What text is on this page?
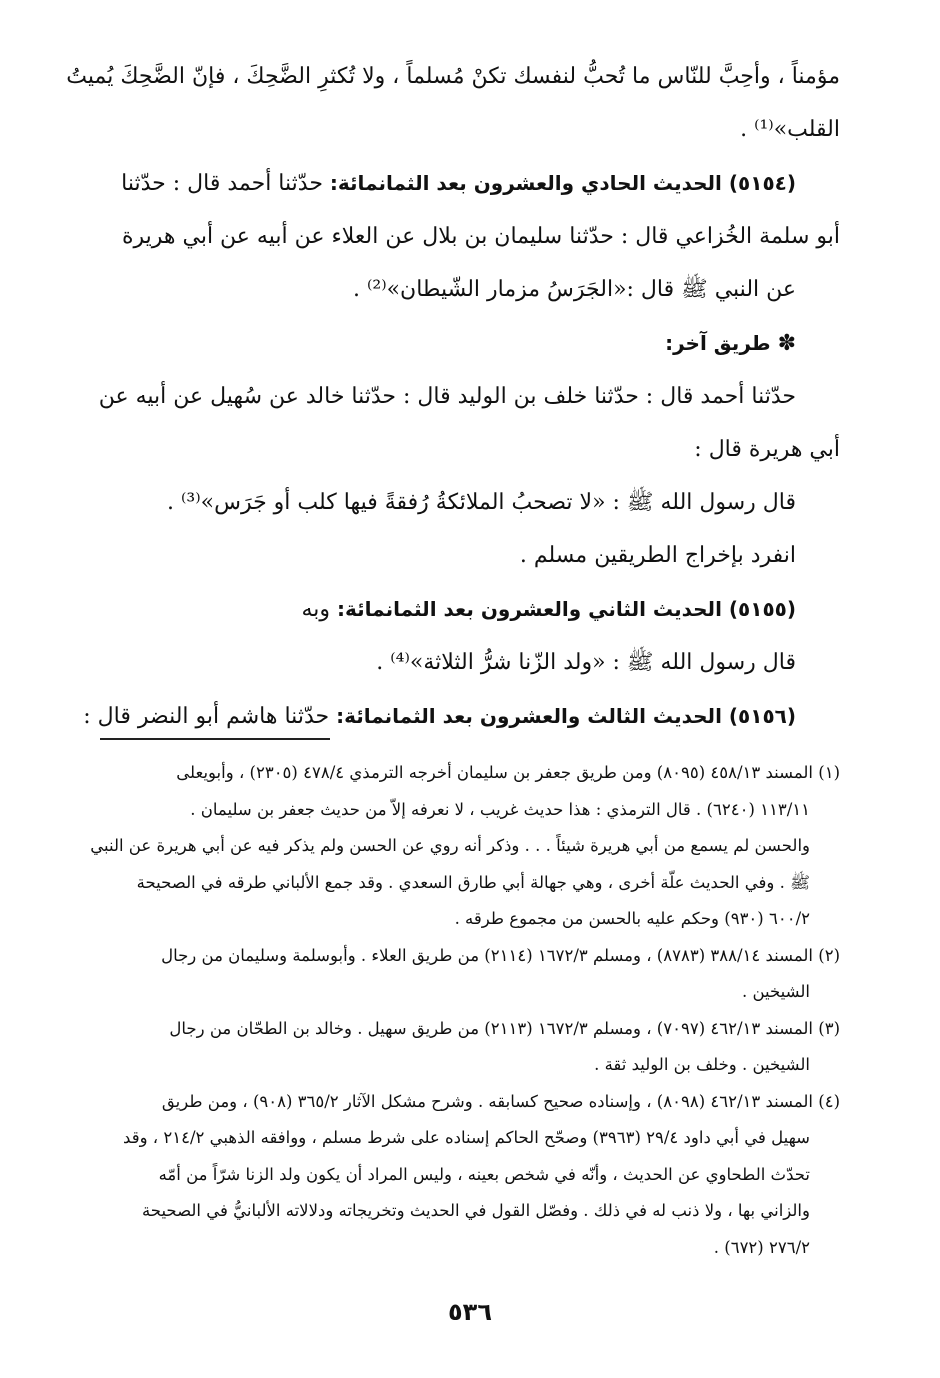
مؤمناً ، وأحِبَّ للنّاس ما تُحبُّ لنفسك تكنْ مُسلماً ، ولا تُكثرِ الضَّحِكَ ، فإنّ الضَّحِكَ يُميتُ

القلب»⁽¹⁾ .

(٥١٥٤) الحديث الحادي والعشرون بعد الثمانمائة: حدّثنا أحمد قال : حدّثنا

أبو سلمة الخُزاعي قال : حدّثنا سليمان بن بلال عن العلاء عن أبيه عن أبي هريرة

عن النبي ﷺ قال :«الجَرَسُ مزمار الشّيطان»⁽²⁾ .

✽ طريق آخر:

حدّثنا أحمد قال : حدّثنا خلف بن الوليد قال : حدّثنا خالد عن سُهيل عن أبيه عن

أبي هريرة قال :

قال رسول الله ﷺ : «لا تصحبُ الملائكةُ رُفقةً فيها كلب أو جَرَس»⁽³⁾ .

انفرد بإخراج الطريقين مسلم .

(٥١٥٥) الحديث الثاني والعشرون بعد الثمانمائة: وبه

قال رسول الله ﷺ : «ولد الزّنا شرُّ الثلاثة»⁽⁴⁾ .

(٥١٥٦) الحديث الثالث والعشرون بعد الثمانمائة: حدّثنا هاشم أبو النضر قال :

(١) المسند ٤٥٨/١٣ (٨٠٩٥) ومن طريق جعفر بن سليمان أخرجه الترمذي ٤٧٨/٤ (٢٣٠٥) ، وأبويعلى

١١٣/١١ (٦٢٤٠) . قال الترمذي : هذا حديث غريب ، لا نعرفه إلاّ من حديث جعفر بن سليمان .

والحسن لم يسمع من أبي هريرة شيئاً . . . وذكر أنه روي عن الحسن ولم يذكر فيه عن أبي هريرة عن النبي

ﷺ . وفي الحديث علّة أخرى ، وهي جهالة أبي طارق السعدي . وقد جمع الألباني طرقه في الصحيحة

٦٠٠/٢ (٩٣٠) وحكم عليه بالحسن من مجموع طرقه .

(٢) المسند ٣٨٨/١٤ (٨٧٨٣) ، ومسلم ١٦٧٢/٣ (٢١١٤) من طريق العلاء . وأبوسلمة وسليمان من رجال

الشيخين .

(٣) المسند ٤٦٢/١٣ (٧٠٩٧) ، ومسلم ١٦٧٢/٣ (٢١١٣) من طريق سهيل . وخالد بن الطحّان من رجال

الشيخين . وخلف بن الوليد ثقة .

(٤) المسند ٤٦٢/١٣ (٨٠٩٨) ، وإسناده صحيح كسابقه . وشرح مشكل الآثار ٣٦٥/٢ (٩٠٨) ، ومن طريق

سهيل في أبي داود ٢٩/٤ (٣٩٦٣) وصحّح الحاكم إسناده على شرط مسلم ، ووافقه الذهبي ٢١٤/٢ ، وقد

تحدّث الطحاوي عن الحديث ، وأنّه في شخص بعينه ، وليس المراد أن يكون ولد الزنا شرّاً من أمّه

والزاني بها ، ولا ذنب له في ذلك . وفصّل القول في الحديث وتخريجاته ودلالاته الألبانيُّ في الصحيحة

٢٧٦/٢ (٦٧٢) .

٥٣٦
